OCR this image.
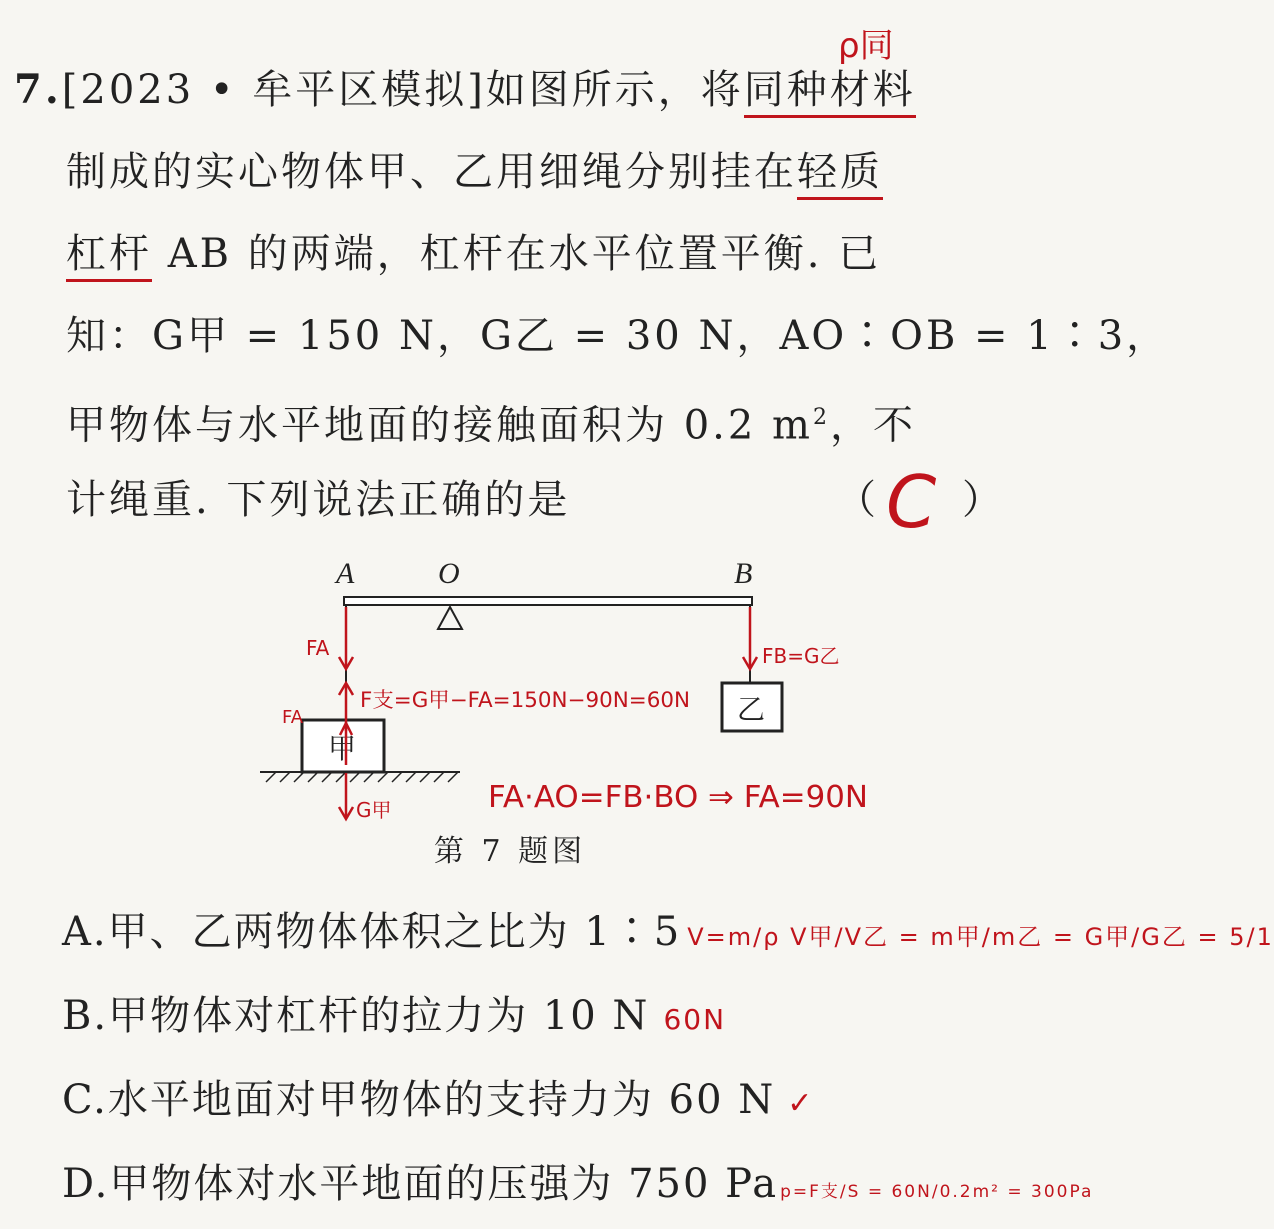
ρ同
7.[2023 • 牟平区模拟]如图所示，将同种材料
制成的实心物体甲、乙用细绳分别挂在轻质
杠杆 AB 的两端，杠杆在水平位置平衡. 已
知：G甲 = 150 N，G乙 = 30 N，AO∶OB = 1∶3，
甲物体与水平地面的接触面积为 0.2 $m^2$，不
计绳重. 下列说法正确的是	（ C ）
A	O	B
乙
甲
FA
FA
FB=G乙
F支=G甲−FA=150N−90N=60N
G甲	FA·AO=FB·BO ⇒ FA=90N
第 7 题图
A.甲、乙两物体体积之比为 1∶5 V=m/ρ V甲/V乙 = m甲/m乙 = G甲/G乙 = 5/1
B.甲物体对杠杆的拉力为 10 N 60N
C.水平地面对甲物体的支持力为 60 N ✓
D.甲物体对水平地面的压强为 750 Pa p=F支/S = 60N/0.2m² = 300Pa
